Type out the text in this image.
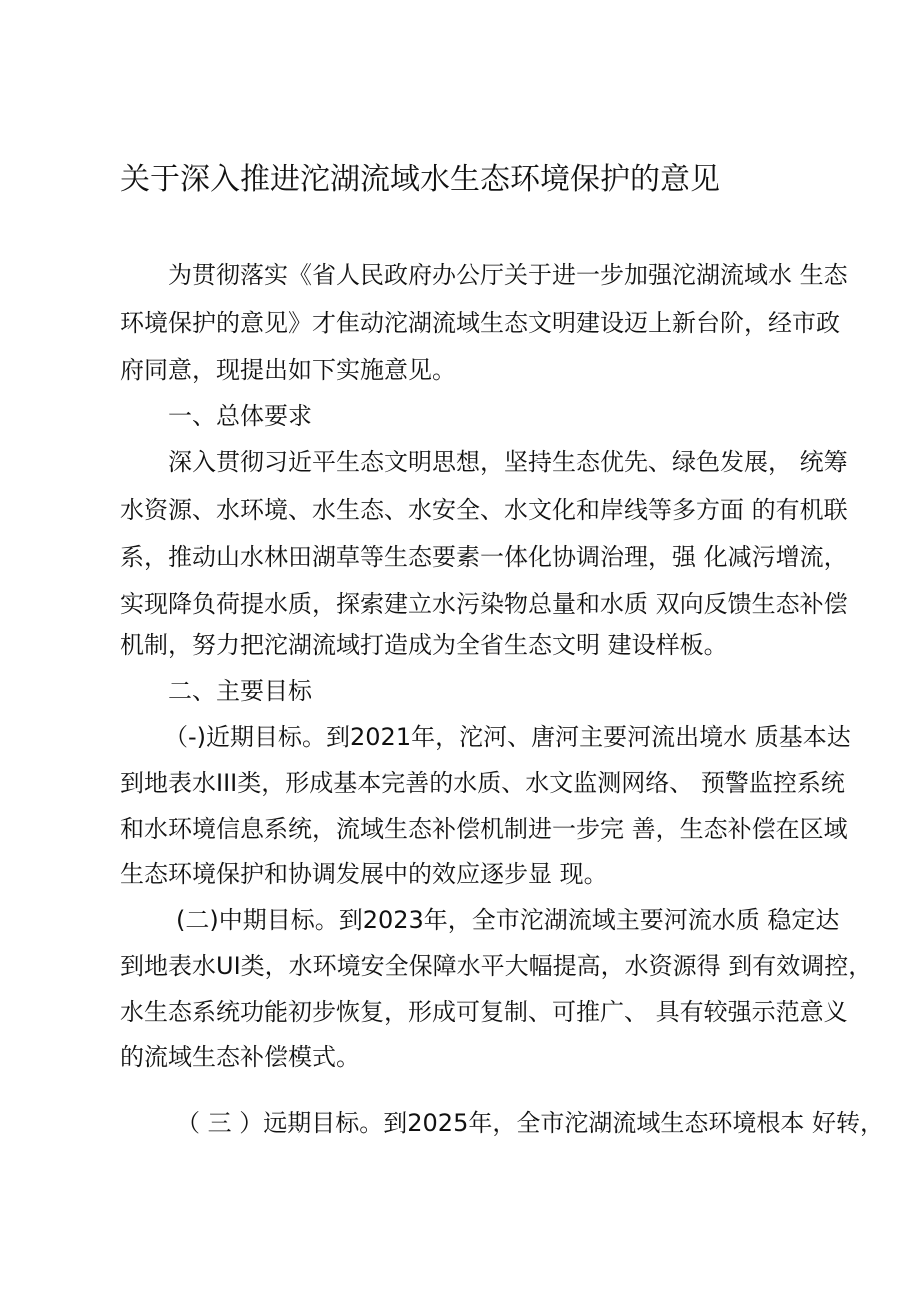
关于深入推进沱湖流域水生态环境保护的意见
为贯彻落实《省人民政府办公厅关于进一步加强沱湖流域水 生态
环境保护的意见》才隹动沱湖流域生态文明建设迈上新台阶，经市政
府同意，现提出如下实施意见。
一、总体要求
深入贯彻习近平生态文明思想，坚持生态优先、绿色发展， 统筹
水资源、水环境、水生态、水安全、水文化和岸线等多方面 的有机联
系，推动山水林田湖草等生态要素一体化协调治理，强 化减污增流，
实现降负荷提水质，探索建立水污染物总量和水质 双向反馈生态补偿
机制，努力把沱湖流域打造成为全省生态文明 建设样板。
二、主要目标
（-)近期目标。到2021年，沱河、唐河主要河流出境水 质基本达
到地表水III类，形成基本完善的水质、水文监测网络、 预警监控系统
和水环境信息系统，流域生态补偿机制进一步完 善，生态补偿在区域
生态环境保护和协调发展中的效应逐步显 现。
(二)中期目标。到2023年，全市沱湖流域主要河流水质 稳定达
到地表水UI类，水环境安全保障水平大幅提高，水资源得 到有效调控，
水生态系统功能初步恢复，形成可复制、可推广、 具有较强示范意义
的流域生态补偿模式。
（ 三 ）远期目标。到2025年，全市沱湖流域生态环境根本 好转，
